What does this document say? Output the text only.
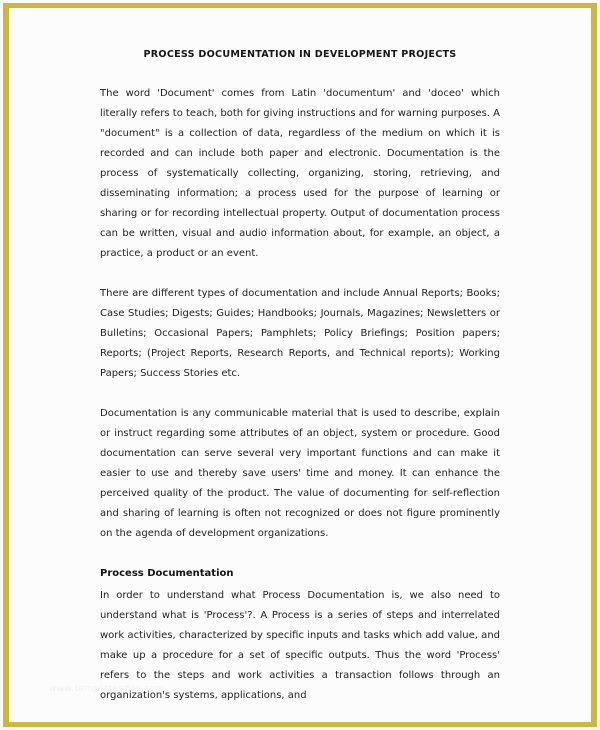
PROCESS DOCUMENTATION IN DEVELOPMENT PROJECTS

The word 'Document' comes from Latin 'documentum' and 'doceo' which literally refers to teach, both for giving instructions and for warning purposes. A "document" is a collection of data, regardless of the medium on which it is recorded and can include both paper and electronic. Documentation is the process of systematically collecting, organizing, storing, retrieving, and disseminating information; a process used for the purpose of learning or sharing or for recording intellectual property. Output of documentation process can be written, visual and audio information about, for example, an object, a practice, a product or an event.

There are different types of documentation and include Annual Reports; Books; Case Studies; Digests; Guides; Handbooks; Journals, Magazines; Newsletters or Bulletins; Occasional Papers; Pamphlets; Policy Briefings; Position papers; Reports; (Project Reports, Research Reports, and Technical reports); Working Papers; Success Stories etc.

Documentation is any communicable material that is used to describe, explain or instruct regarding some attributes of an object, system or procedure. Good documentation can serve several very important functions and can make it easier to use and thereby save users' time and money. It can enhance the perceived quality of the product. The value of documenting for self-reflection and sharing of learning is often not recognized or does not figure prominently on the agenda of development organizations.

Process Documentation

In order to understand what Process Documentation is, we also need to understand what is 'Process'?. A Process is a series of steps and interrelated work activities, characterized by specific inputs and tasks which add value, and make up a procedure for a set of specific outputs. Thus the word 'Process' refers to the steps and work activities a transaction follows through an organization's systems, applications, and

www.templatesdoc.com
